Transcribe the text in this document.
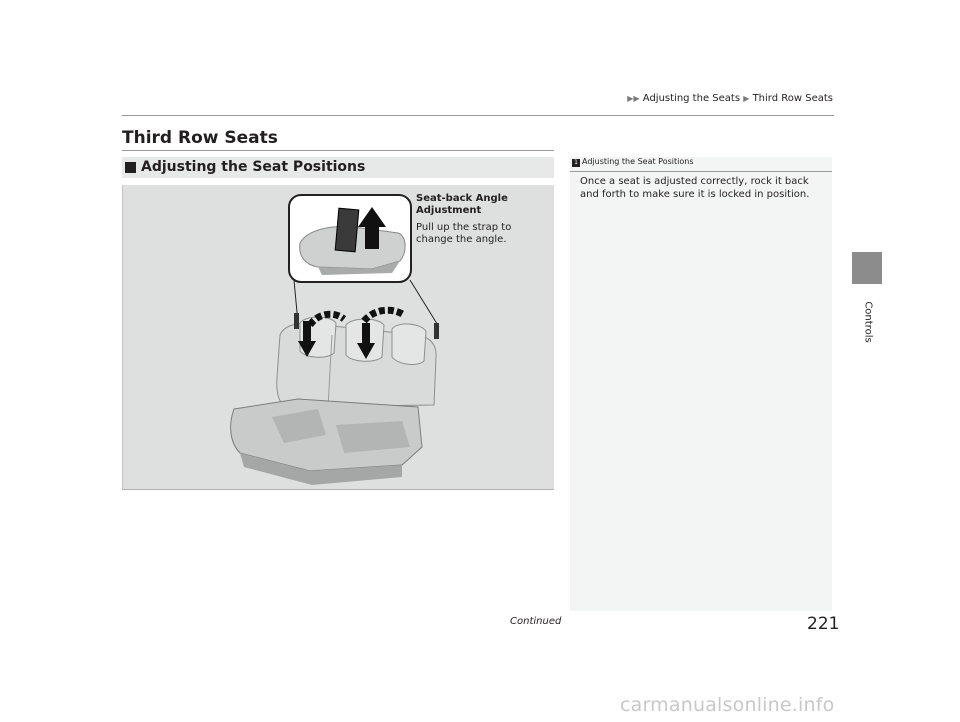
▶▶ Adjusting the Seats ▶ Third Row Seats
Controls
Third Row Seats
Adjusting the Seat Positions
Seat-back Angle Adjustment
Pull up the strap to change the angle.
1 Adjusting the Seat Positions
Once a seat is adjusted correctly, rock it back and forth to make sure it is locked in position.
Continued	221
carmanualsonline.info
